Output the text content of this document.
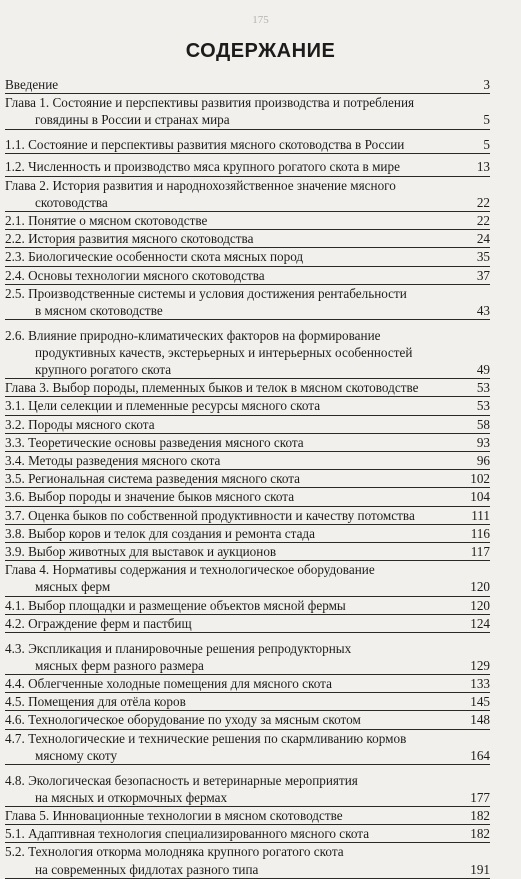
175
СОДЕРЖАНИЕ
Введение	3
Глава 1. Состояние и перспективы развития производства и потребления
говядины в России и странах мира	5
1.1. Состояние и перспективы развития мясного скотоводства в России	5
1.2. Численность и производство мяса крупного рогатого скота в мире	13
Глава 2. История развития и народнохозяйственное значение мясного
скотоводства	22
2.1. Понятие о мясном скотоводстве	22
2.2. История развития мясного скотоводства	24
2.3. Биологические особенности скота мясных пород	35
2.4. Основы технологии мясного скотоводства	37
2.5. Производственные системы и условия достижения рентабельности
в мясном скотоводстве	43
2.6. Влияние природно-климатических факторов на формирование
продуктивных качеств, экстерьерных и интерьерных особенностей
крупного рогатого скота	49
Глава 3. Выбор породы, племенных быков и телок в мясном скотоводстве	53
3.1. Цели селекции и племенные ресурсы мясного скота	53
3.2. Породы мясного скота	58
3.3. Теоретические основы разведения мясного скота	93
3.4. Методы разведения мясного скота	96
3.5. Региональная система разведения мясного скота	102
3.6. Выбор породы и значение быков мясного скота	104
3.7. Оценка быков по собственной продуктивности и качеству потомства	111
3.8. Выбор коров и телок для создания и ремонта стада	116
3.9. Выбор животных для выставок и аукционов	117
Глава 4. Нормативы содержания и технологическое оборудование
мясных ферм	120
4.1. Выбор площадки и размещение объектов мясной фермы	120
4.2. Ограждение ферм и пастбищ	124
4.3. Экспликация и планировочные решения репродукторных
мясных ферм разного размера	129
4.4. Облегченные холодные помещения для мясного скота	133
4.5. Помещения для отёла коров	145
4.6. Технологическое оборудование по уходу за мясным скотом	148
4.7. Технологические и технические решения по скармливанию кормов
мясному скоту	164
4.8. Экологическая безопасность и ветеринарные мероприятия
на мясных и откормочных фермах	177
Глава 5. Инновационные технологии в мясном скотоводстве	182
5.1. Адаптивная технология специализированного мясного скота	182
5.2. Технология откорма молодняка крупного рогатого скота
на современных фидлотах разного типа	191
